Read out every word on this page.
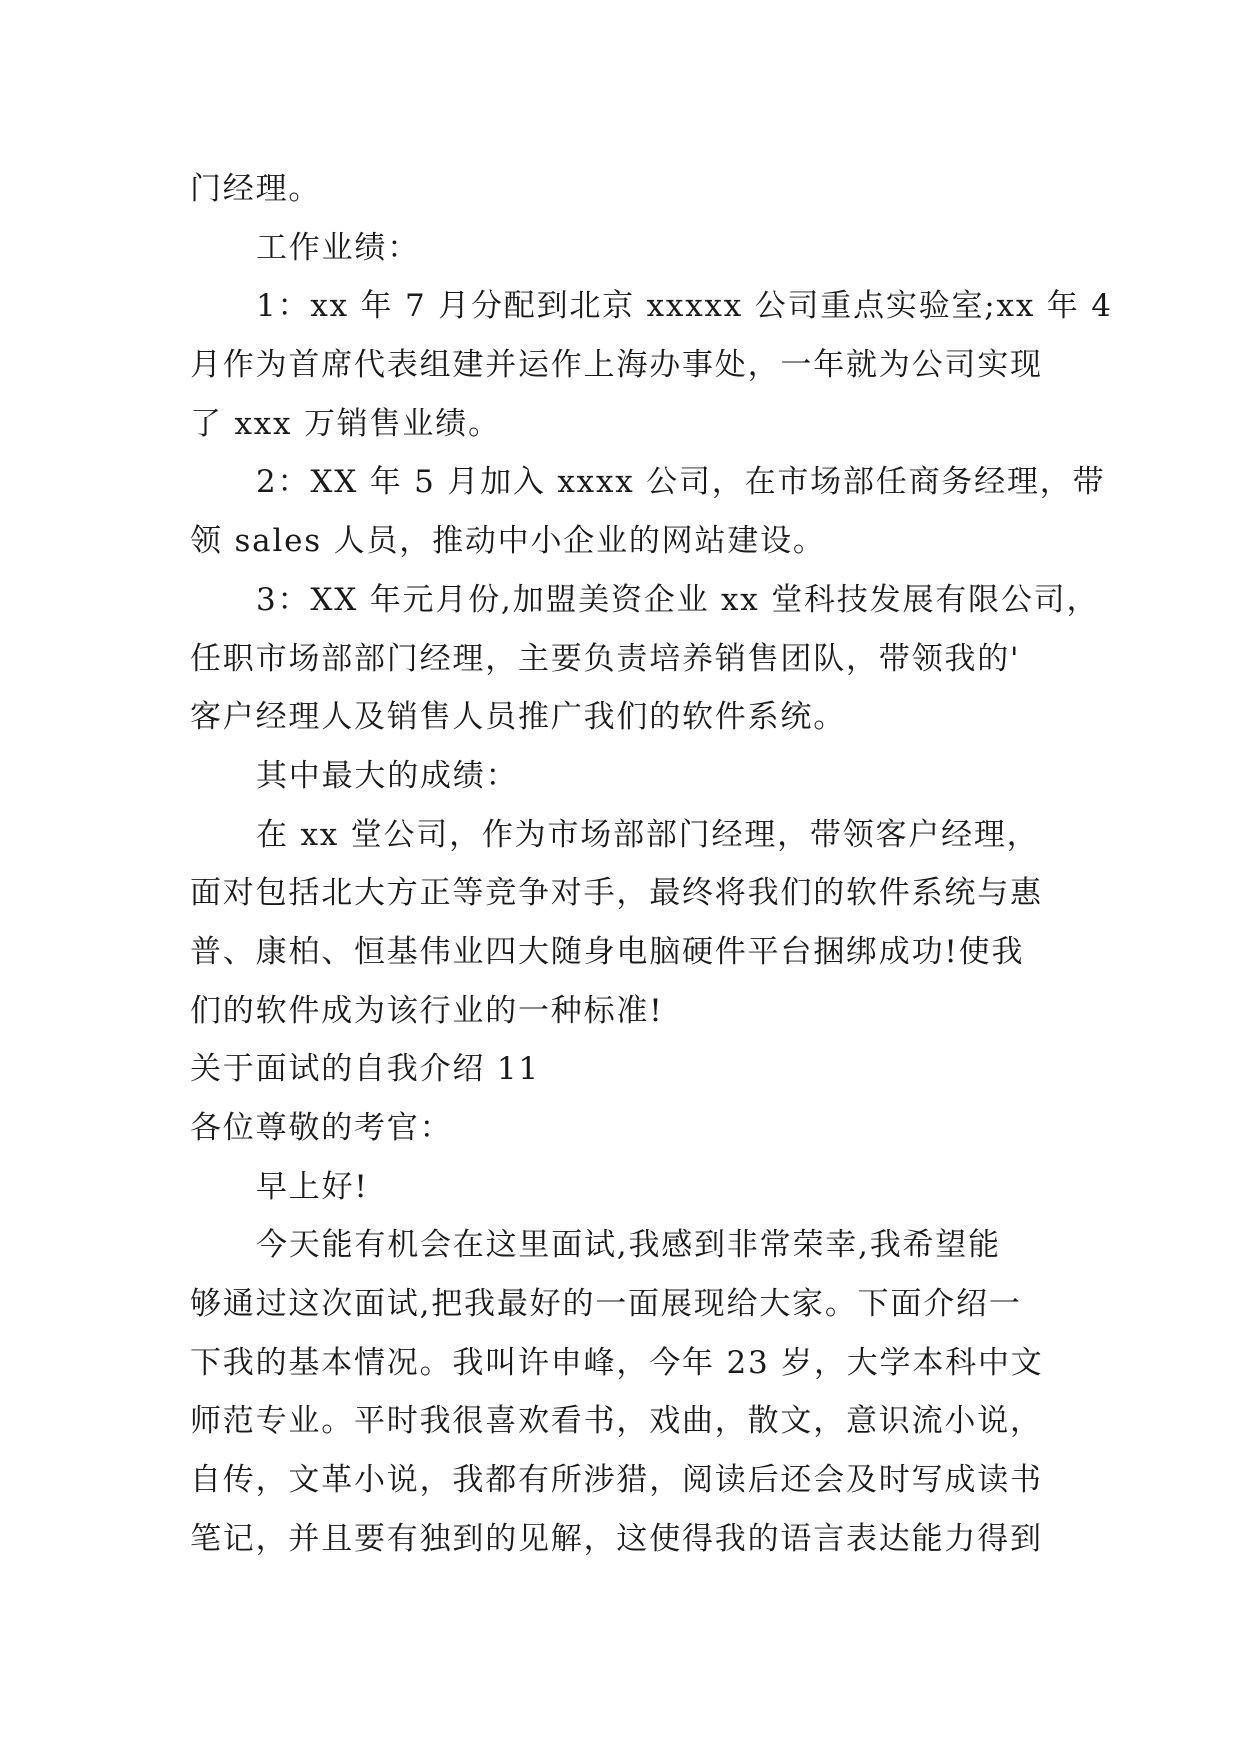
门经理。
工作业绩：
1：xx 年 7 月分配到北京 xxxxx 公司重点实验室;xx 年 4
月作为首席代表组建并运作上海办事处，一年就为公司实现
了 xxx 万销售业绩。
2：XX 年 5 月加入 xxxx 公司，在市场部任商务经理，带
领 sales 人员，推动中小企业的网站建设。
3：XX 年元月份,加盟美资企业 xx 堂科技发展有限公司，
任职市场部部门经理，主要负责培养销售团队，带领我的'
客户经理人及销售人员推广我们的软件系统。
其中最大的成绩：
在 xx 堂公司，作为市场部部门经理，带领客户经理，
面对包括北大方正等竞争对手，最终将我们的软件系统与惠
普、康柏、恒基伟业四大随身电脑硬件平台捆绑成功!使我
们的软件成为该行业的一种标准!
关于面试的自我介绍 11
各位尊敬的考官：
早上好!
今天能有机会在这里面试,我感到非常荣幸,我希望能
够通过这次面试,把我最好的一面展现给大家。下面介绍一
下我的基本情况。我叫许申峰，今年 23 岁，大学本科中文
师范专业。平时我很喜欢看书，戏曲，散文，意识流小说，
自传，文革小说，我都有所涉猎，阅读后还会及时写成读书
笔记，并且要有独到的见解，这使得我的语言表达能力得到
